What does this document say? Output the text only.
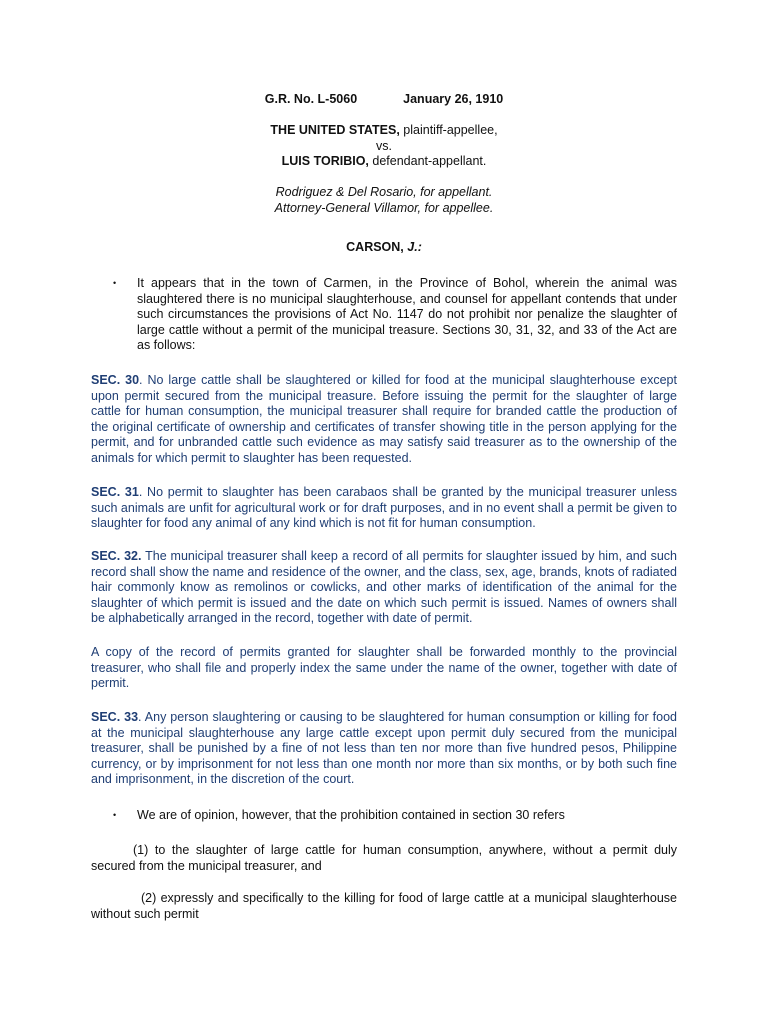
G.R. No. L-5060	January 26, 1910
THE UNITED STATES, plaintiff-appellee,
vs.
LUIS TORIBIO, defendant-appellant.
Rodriguez & Del Rosario, for appellant.
Attorney-General Villamor, for appellee.
CARSON, J.:
•	It appears that in the town of Carmen, in the Province of Bohol, wherein the animal was slaughtered there is no municipal slaughterhouse, and counsel for appellant contends that under such circumstances the provisions of Act No. 1147 do not prohibit nor penalize the slaughter of large cattle without a permit of the municipal treasure. Sections 30, 31, 32, and 33 of the Act are as follows:

SEC. 30. No large cattle shall be slaughtered or killed for food at the municipal slaughterhouse except upon permit secured from the municipal treasure. Before issuing the permit for the slaughter of large cattle for human consumption, the municipal treasurer shall require for branded cattle the production of the original certificate of ownership and certificates of transfer showing title in the person applying for the permit, and for unbranded cattle such evidence as may satisfy said treasurer as to the ownership of the animals for which permit to slaughter has been requested.

SEC. 31. No permit to slaughter has been carabaos shall be granted by the municipal treasurer unless such animals are unfit for agricultural work or for draft purposes, and in no event shall a permit be given to slaughter for food any animal of any kind which is not fit for human consumption.

SEC. 32. The municipal treasurer shall keep a record of all permits for slaughter issued by him, and such record shall show the name and residence of the owner, and the class, sex, age, brands, knots of radiated hair commonly know as remolinos or cowlicks, and other marks of identification of the animal for the slaughter of which permit is issued and the date on which such permit is issued. Names of owners shall be alphabetically arranged in the record, together with date of permit.

A copy of the record of permits granted for slaughter shall be forwarded monthly to the provincial treasurer, who shall file and properly index the same under the name of the owner, together with date of permit.

SEC. 33. Any person slaughtering or causing to be slaughtered for human consumption or killing for food at the municipal slaughterhouse any large cattle except upon permit duly secured from the municipal treasurer, shall be punished by a fine of not less than ten nor more than five hundred pesos, Philippine currency, or by imprisonment for not less than one month nor more than six months, or by both such fine and imprisonment, in the discretion of the court.

•	We are of opinion, however, that the prohibition contained in section 30 refers
(1) to the slaughter of large cattle for human consumption, anywhere, without a permit duly secured from the municipal treasurer, and
(2) expressly and specifically to the killing for food of large cattle at a municipal slaughterhouse without such permit
